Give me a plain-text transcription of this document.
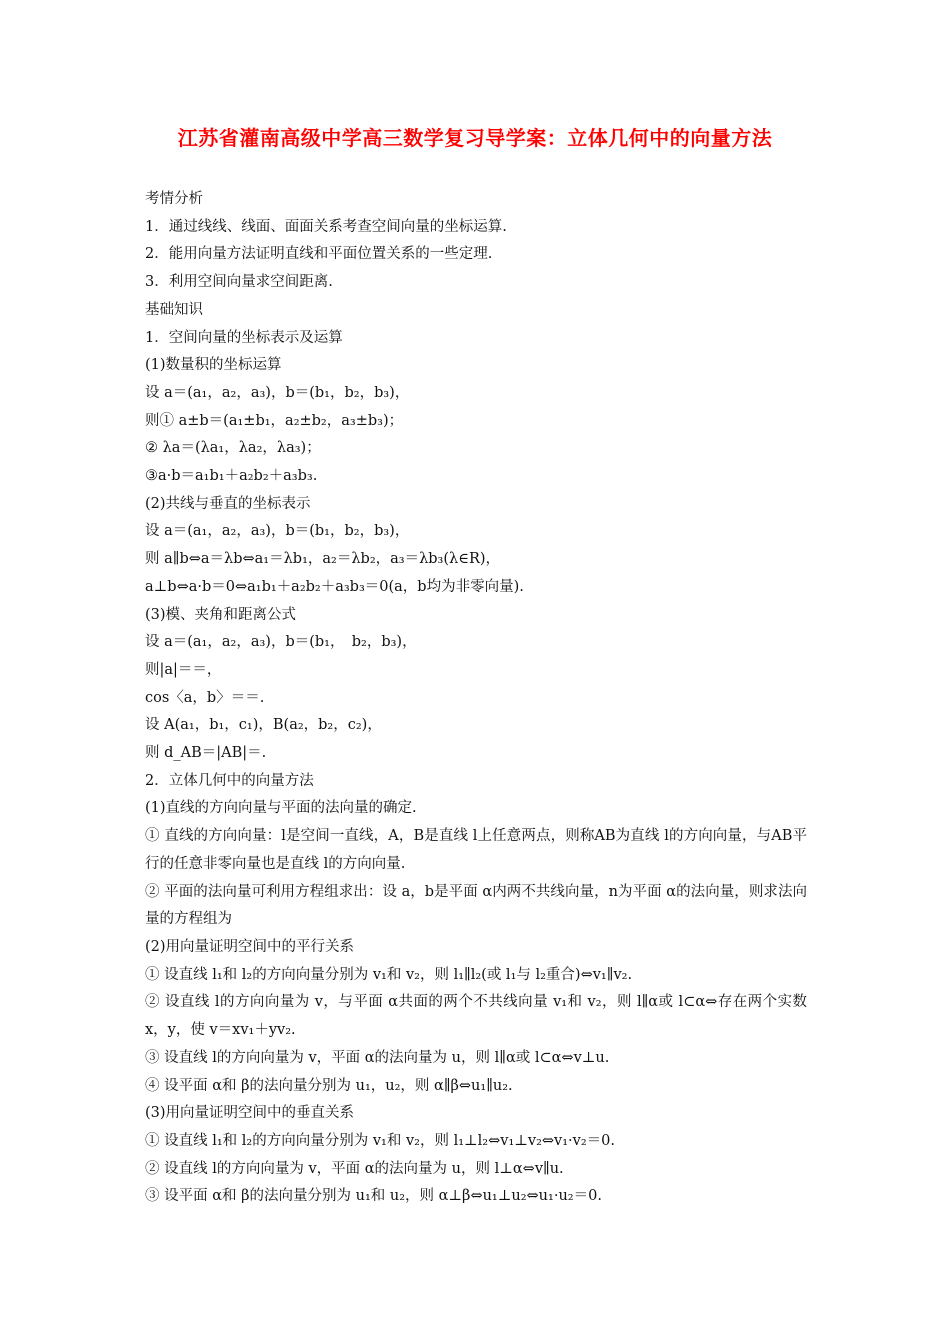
江苏省灌南高级中学高三数学复习导学案：立体几何中的向量方法
考情分析
1．通过线线、线面、面面关系考查空间向量的坐标运算.
2．能用向量方法证明直线和平面位置关系的一些定理.
3．利用空间向量求空间距离.
基础知识
1．空间向量的坐标表示及运算
(1)数量积的坐标运算
设 a＝(a₁，a₂，a₃)，b＝(b₁，b₂，b₃)，
则① a±b＝(a₁±b₁，a₂±b₂，a₃±b₃)；
② λa＝(λa₁，λa₂，λa₃)；
③a·b＝a₁b₁＋a₂b₂＋a₃b₃.
(2)共线与垂直的坐标表示
设 a＝(a₁，a₂，a₃)，b＝(b₁，b₂，b₃)，
则 a∥b⇔a＝λb⇔a₁＝λb₁，a₂＝λb₂，a₃＝λb₃(λ∈R)，
a⊥b⇔a·b＝0⇔a₁b₁＋a₂b₂＋a₃b₃＝0(a，b均为非零向量).
(3)模、夹角和距离公式
设 a＝(a₁，a₂，a₃)，b＝(b₁，　b₂，b₃)，
则|a|＝＝，
cos〈a，b〉＝＝.
设 A(a₁，b₁，c₁)，B(a₂，b₂，c₂)，
则 d_AB＝|AB|＝.
2．立体几何中的向量方法
(1)直线的方向向量与平面的法向量的确定.
① 直线的方向向量：l是空间一直线，A，B是直线 l上任意两点，则称AB为直线 l的方向向量，与AB平行的任意非零向量也是直线 l的方向向量.
② 平面的法向量可利用方程组求出：设 a，b是平面 α内两不共线向量，n为平面 α的法向量，则求法向量的方程组为
(2)用向量证明空间中的平行关系
① 设直线 l₁和 l₂的方向向量分别为 v₁和 v₂，则 l₁∥l₂(或 l₁与 l₂重合)⇔v₁∥v₂.
② 设直线 l的方向向量为 v，与平面 α共面的两个不共线向量 v₁和 v₂，则 l∥α或 l⊂α⇔存在两个实数 x，y，使 v＝xv₁＋yv₂.
③ 设直线 l的方向向量为 v，平面 α的法向量为 u，则 l∥α或 l⊂α⇔v⊥u.
④ 设平面 α和 β的法向量分别为 u₁，u₂，则 α∥β⇔u₁∥u₂.
(3)用向量证明空间中的垂直关系
① 设直线 l₁和 l₂的方向向量分别为 v₁和 v₂，则 l₁⊥l₂⇔v₁⊥v₂⇔v₁·v₂＝0.
② 设直线 l的方向向量为 v，平面 α的法向量为 u，则 l⊥α⇔v∥u.
③ 设平面 α和 β的法向量分别为 u₁和 u₂，则 α⊥β⇔u₁⊥u₂⇔u₁·u₂＝0.
